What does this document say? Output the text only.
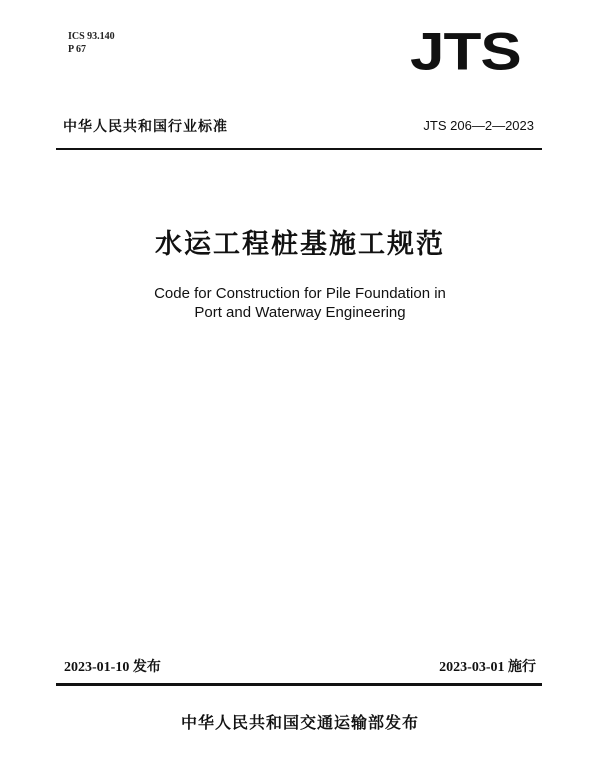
ICS 93.140
P 67	JTS
中华人民共和国行业标准	JTS 206—2—2023
水运工程桩基施工规范
Code for Construction for Pile Foundation in
Port and Waterway Engineering
2023-01-10 发布	2023-03-01 施行
中华人民共和国交通运输部发布
